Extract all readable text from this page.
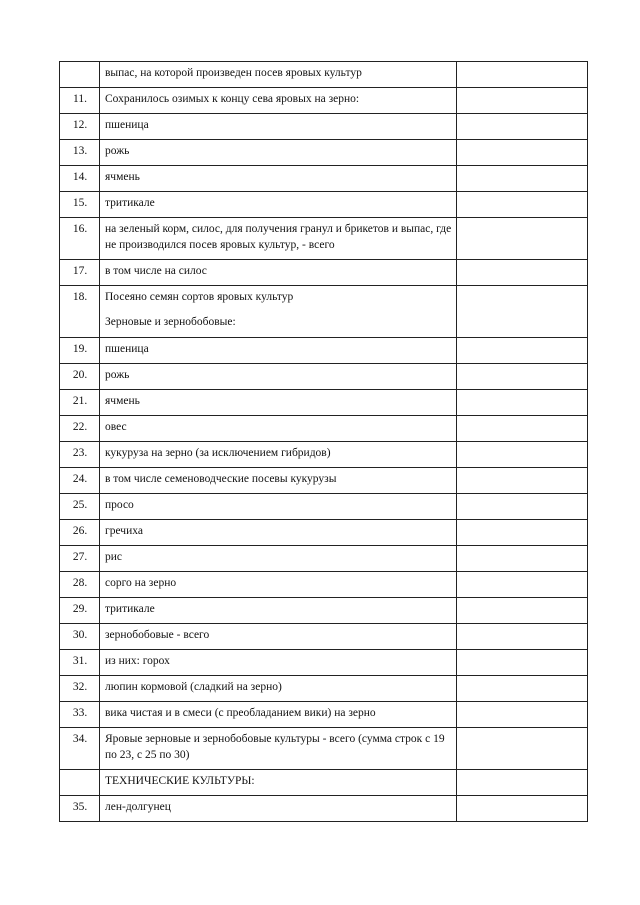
	выпас, на которой произведен посев яровых культур	

11.	Сохранилось озимых к концу сева яровых на зерно:	

12.	пшеница	

13.	рожь	

14.	ячмень	

15.	тритикале	

16.	на зеленый корм, силос, для получения гранул и брикетов и выпас, где не производился посев яровых культур, - всего	

17.	в том числе на силос	

18.	Посеяно семян сортов яровых культур
Зерновые и зернобобовые:	

19.	пшеница	

20.	рожь	

21.	ячмень	

22.	овес	

23.	кукуруза на зерно (за исключением гибридов)	

24.	в том числе семеноводческие посевы кукурузы	

25.	просо	

26.	гречиха	

27.	рис	

28.	сорго на зерно	

29.	тритикале	

30.	зернобобовые - всего	

31.	из них: горох	

32.	люпин кормовой (сладкий на зерно)	

33.	вика чистая и в смеси (с преобладанием вики) на зерно	

34.	Яровые зерновые и зернобобовые культуры - всего (сумма строк с 19 по 23, с 25 по 30)	

	ТЕХНИЧЕСКИЕ КУЛЬТУРЫ:	

35.	лен-долгунец	
